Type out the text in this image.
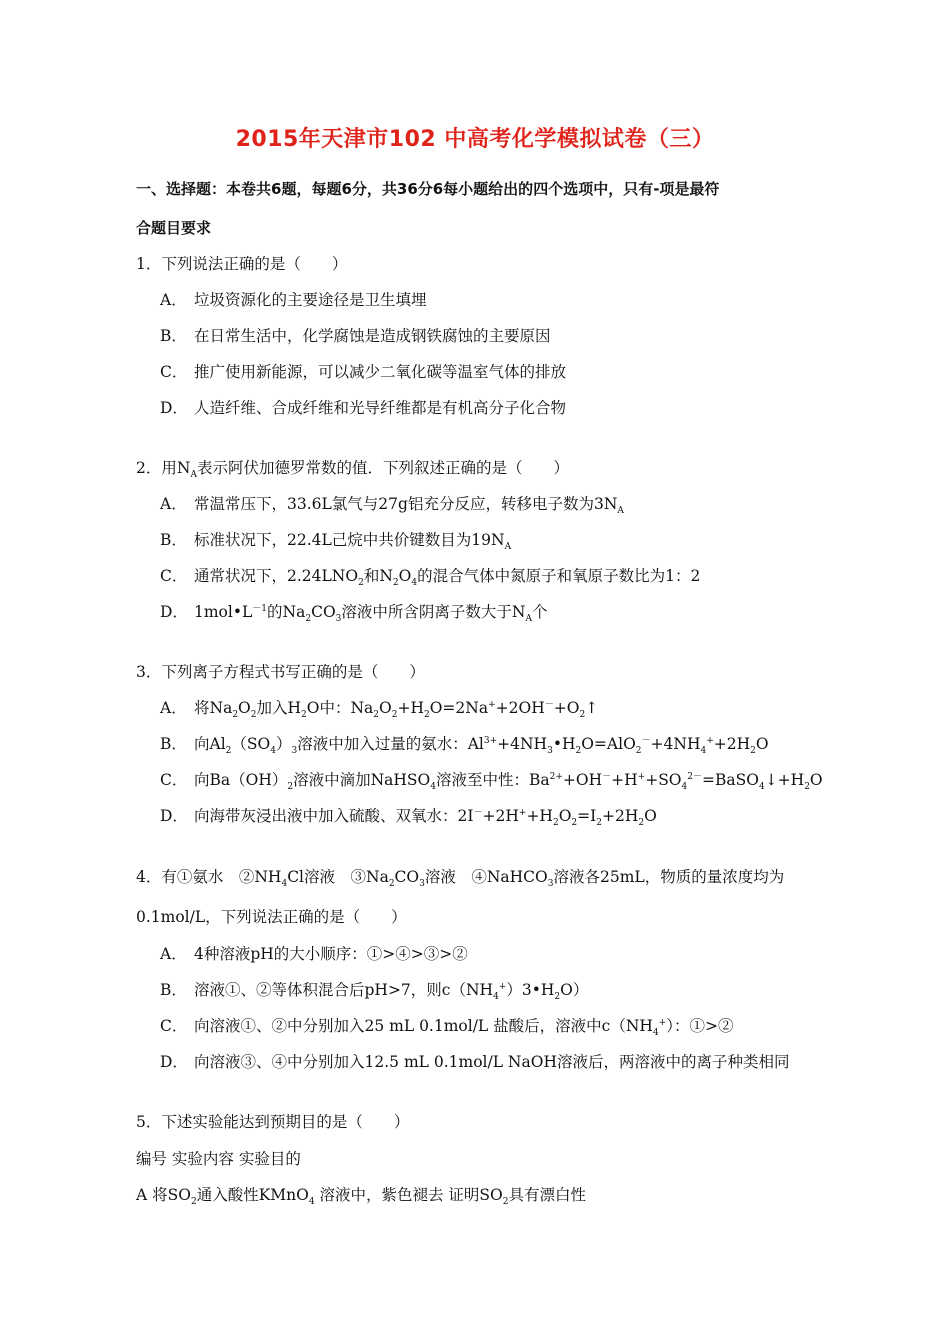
2015年天津市102 中高考化学模拟试卷（三）
一、选择题：本卷共6题，每题6分，共36分6每小题给出的四个选项中，只有-项是最符
合题目要求
1．下列说法正确的是（　　）
A． 垃圾资源化的主要途径是卫生填埋
B． 在日常生活中，化学腐蚀是造成钢铁腐蚀的主要原因
C． 推广使用新能源，可以减少二氧化碳等温室气体的排放
D． 人造纤维、合成纤维和光导纤维都是有机高分子化合物
2．用$N_A$表示阿伏加德罗常数的值．下列叙述正确的是（　　）
A． 常温常压下，33.6L氯气与27g铝充分反应，转移电子数为$3N_A$
B． 标准状况下，22.4L己烷中共价键数目为$19N_A$
C． 通常状况下，$2.24LNO_2$和$N_2O_4$的混合气体中氮原子和氧原子数比为1：2
D． $1mol•L^{-1}$的$Na_2CO_3$溶液中所含阴离子数大于$N_A$个
3．下列离子方程式书写正确的是（　　）
A． 将$Na_2O_2$加入$H_2O$中：$Na_2O_2+H_2O=2Na^++2OH^-+O_2↑$
B． 向$Al_2(SO_4)_3$溶液中加入过量的氨水：$Al^{3+}+4NH_3•H_2O=AlO_2^-+4NH_4^++2H_2O$
C． 向$Ba(OH)_2$溶液中滴加NaHSO$_4$溶液至中性：$Ba^{2+}+OH^-+H^++SO_4^{2-}=BaSO_4↓+H_2O$
D． 向海带灰浸出液中加入硫酸、双氧水：$2I^-+2H^++H_2O_2=I_2+2H_2O$
4．有①氨水　$②NH_4Cl$溶液　$③Na_2CO_3$溶液　④NaHCO$_3$溶液各25mL，物质的量浓度均为
0.1mol/L，下列说法正确的是（　　）
A． 4种溶液pH的大小顺序：①>④>③>②
B． 溶液①、②等体积混合后pH>7，则$c(NH_4^+)3•H_2O$）
C． 向溶液①、②中分别加入25 mL 0.1mol/L 盐酸后，溶液中$c(NH_4^+)$：①>②
D． 向溶液③、④中分别加入12.5 mL 0.1mol/L NaOH溶液后，两溶液中的离子种类相同
5．下述实验能达到预期目的是（　　）
编号 实验内容 实验目的
A 将$SO_2$通入酸性KMnO$_4$ 溶液中，紫色褪去 证明$SO_2$具有漂白性
